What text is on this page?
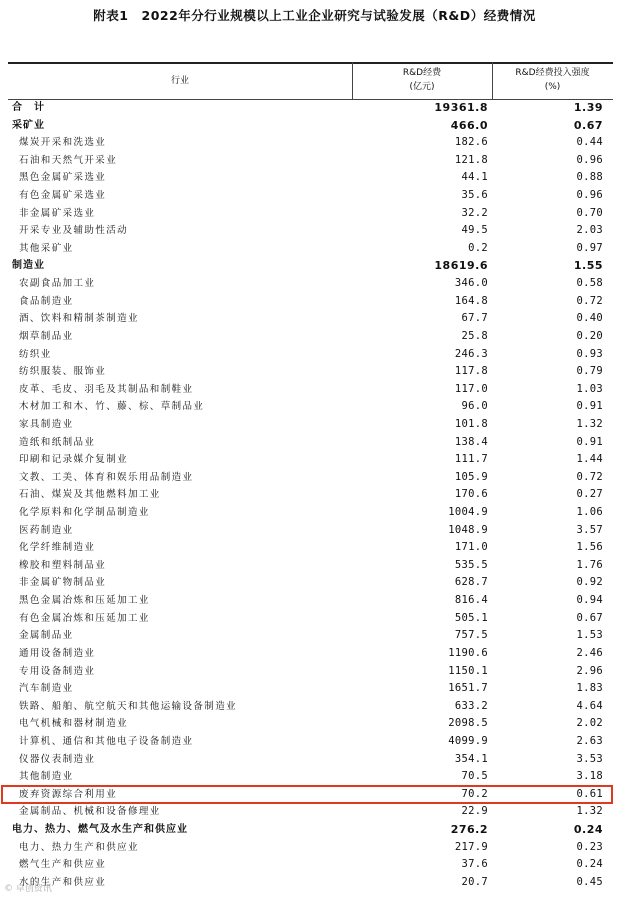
附表1　2022年分行业规模以上工业企业研究与试验发展（R&D）经费情况
行业
R&D经费
(亿元)
R&D经费投入强度
(%)
合　计	19361.8	1.39
采矿业	466.0	0.67
煤炭开采和洗选业	182.6	0.44
石油和天然气开采业	121.8	0.96
黑色金属矿采选业	44.1	0.88
有色金属矿采选业	35.6	0.96
非金属矿采选业	32.2	0.70
开采专业及辅助性活动	49.5	2.03
其他采矿业	0.2	0.97
制造业	18619.6	1.55
农副食品加工业	346.0	0.58
食品制造业	164.8	0.72
酒、饮料和精制茶制造业	67.7	0.40
烟草制品业	25.8	0.20
纺织业	246.3	0.93
纺织服装、服饰业	117.8	0.79
皮革、毛皮、羽毛及其制品和制鞋业	117.0	1.03
木材加工和木、竹、藤、棕、草制品业	96.0	0.91
家具制造业	101.8	1.32
造纸和纸制品业	138.4	0.91
印刷和记录媒介复制业	111.7	1.44
文教、工美、体育和娱乐用品制造业	105.9	0.72
石油、煤炭及其他燃料加工业	170.6	0.27
化学原料和化学制品制造业	1004.9	1.06
医药制造业	1048.9	3.57
化学纤维制造业	171.0	1.56
橡胶和塑料制品业	535.5	1.76
非金属矿物制品业	628.7	0.92
黑色金属冶炼和压延加工业	816.4	0.94
有色金属冶炼和压延加工业	505.1	0.67
金属制品业	757.5	1.53
通用设备制造业	1190.6	2.46
专用设备制造业	1150.1	2.96
汽车制造业	1651.7	1.83
铁路、船舶、航空航天和其他运输设备制造业	633.2	4.64
电气机械和器材制造业	2098.5	2.02
计算机、通信和其他电子设备制造业	4099.9	2.63
仪器仪表制造业	354.1	3.53
其他制造业	70.5	3.18
废弃资源综合利用业	70.2	0.61
金属制品、机械和设备修理业	22.9	1.32
电力、热力、燃气及水生产和供应业	276.2	0.24
电力、热力生产和供应业	217.9	0.23
燃气生产和供应业	37.6	0.24
水的生产和供应业	20.7	0.45
© 卓创资讯
